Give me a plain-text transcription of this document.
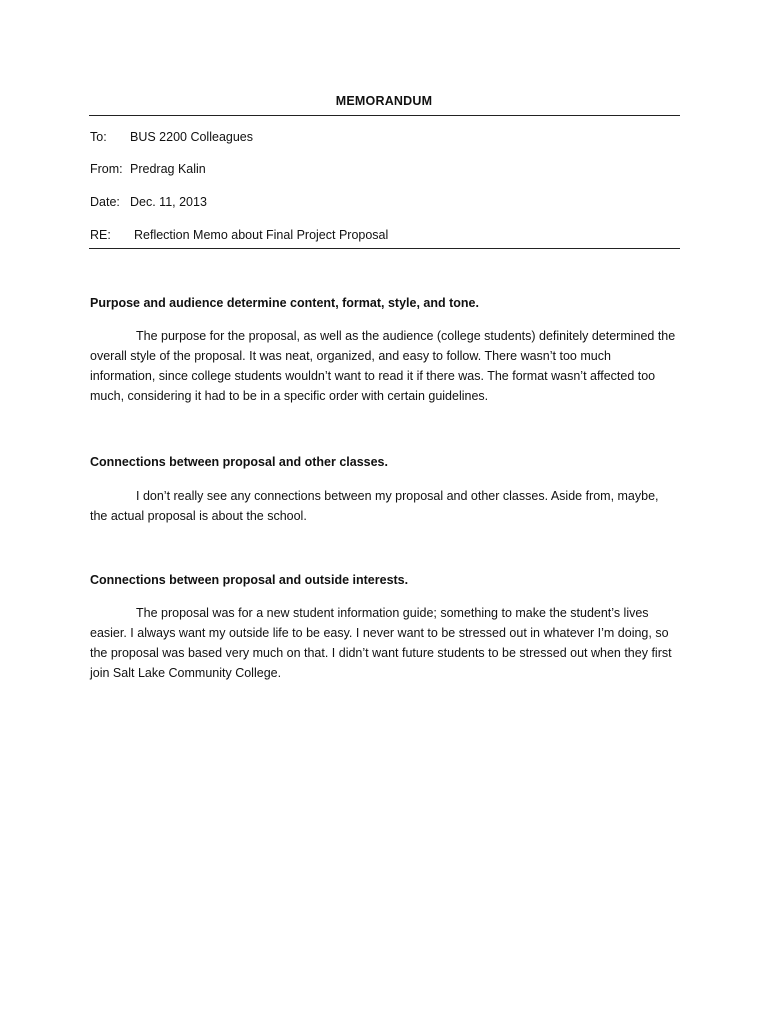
MEMORANDUM
To: BUS 2200 Colleagues
From: Predrag Kalin
Date: Dec. 11, 2013
RE: Reflection Memo about Final Project Proposal
Purpose and audience determine content, format, style, and tone.
The purpose for the proposal, as well as the audience (college students) definitely determined the overall style of the proposal. It was neat, organized, and easy to follow. There wasn’t too much information, since college students wouldn’t want to read it if there was. The format wasn’t affected too much, considering it had to be in a specific order with certain guidelines.
Connections between proposal and other classes.
I don’t really see any connections between my proposal and other classes. Aside from, maybe, the actual proposal is about the school.
Connections between proposal and outside interests.
The proposal was for a new student information guide; something to make the student’s lives easier. I always want my outside life to be easy. I never want to be stressed out in whatever I’m doing, so the proposal was based very much on that. I didn’t want future students to be stressed out when they first join Salt Lake Community College.
